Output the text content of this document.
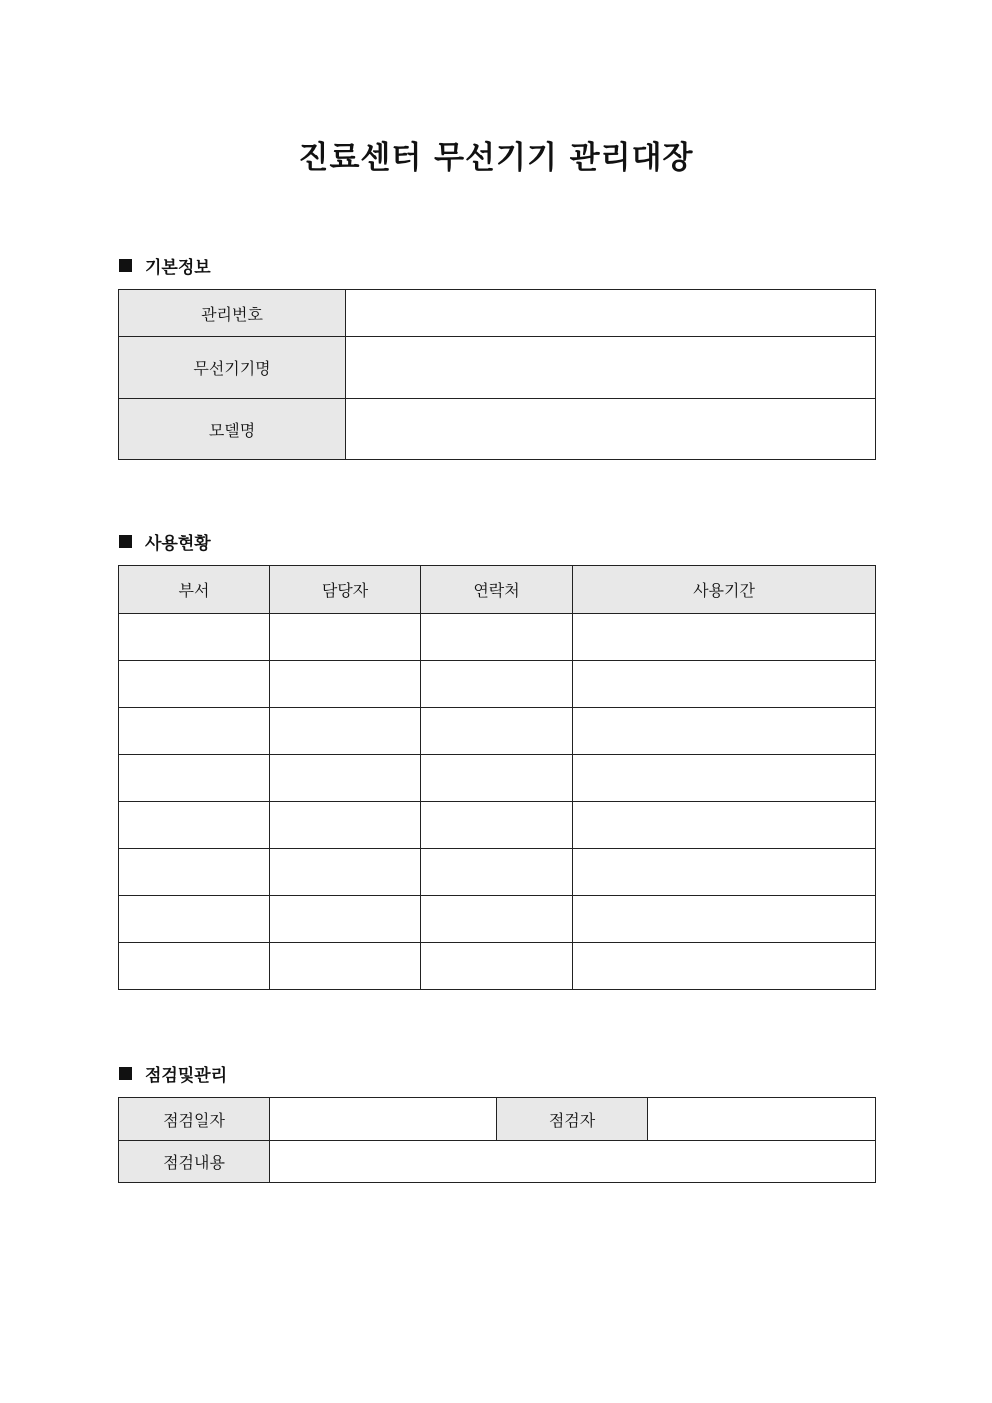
진료센터 무선기기 관리대장
기본정보
관리번호	
무선기기명	
모델명	
사용현황
부서	담당자	연락처	사용기간

점검및관리
점검일자		점검자	
점검내용			
